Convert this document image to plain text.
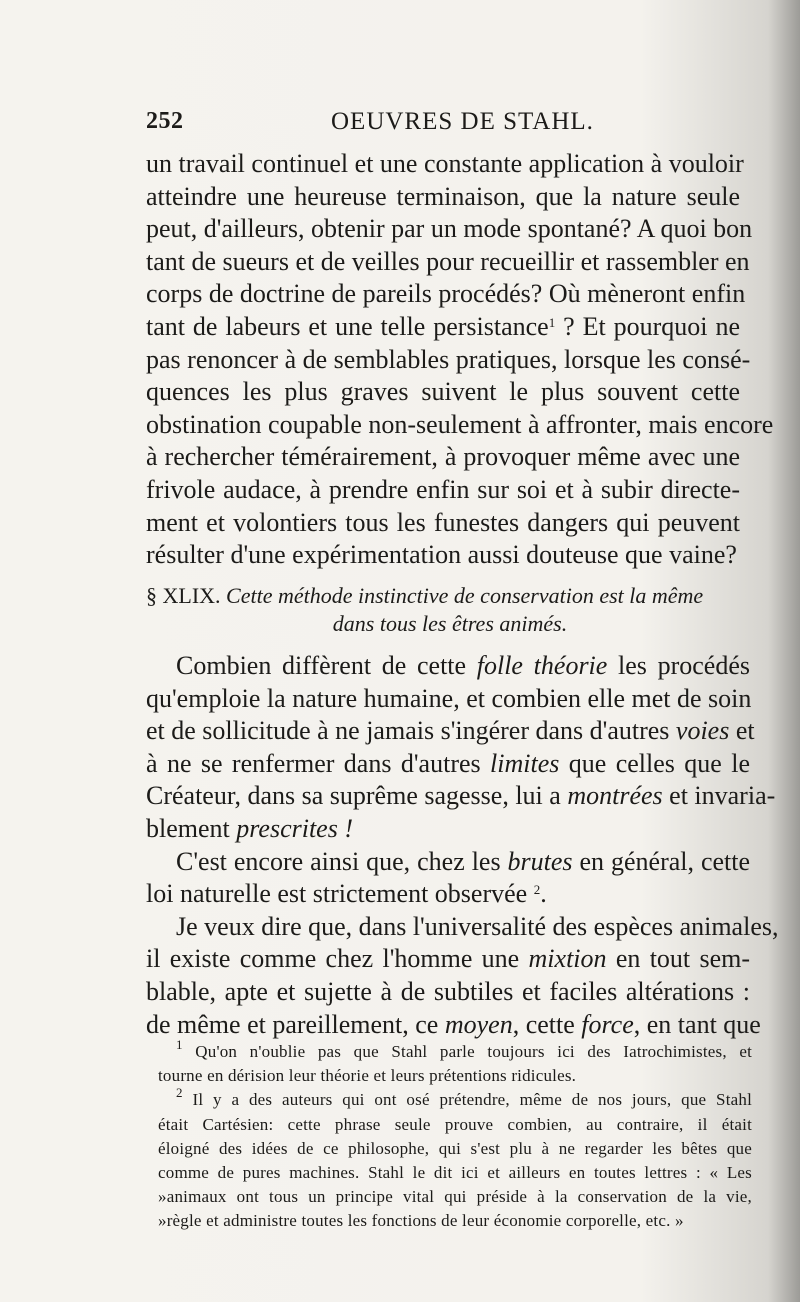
252	OEUVRES DE STAHL.
un travail continuel et une constante application à vouloir
atteindre une heureuse terminaison, que la nature seule
peut, d'ailleurs, obtenir par un mode spontané? A quoi bon
tant de sueurs et de veilles pour recueillir et rassembler en
corps de doctrine de pareils procédés? Où mèneront enfin
tant de labeurs et une telle persistance$^1$ ? Et pourquoi ne
pas renoncer à de semblables pratiques, lorsque les consé-
quences les plus graves suivent le plus souvent cette
obstination coupable non-seulement à affronter, mais encore
à rechercher témérairement, à provoquer même avec une
frivole audace, à prendre enfin sur soi et à subir directe-
ment et volontiers tous les funestes dangers qui peuvent
résulter d'une expérimentation aussi douteuse que vaine?
§ XLIX. Cette méthode instinctive de conservation est la même
dans tous les êtres animés.
Combien diffèrent de cette folle théorie les procédés
qu'emploie la nature humaine, et combien elle met de soin
et de sollicitude à ne jamais s'ingérer dans d'autres voies et
à ne se renfermer dans d'autres limites que celles que le
Créateur, dans sa suprême sagesse, lui a montrées et invaria-
blement prescrites !
C'est encore ainsi que, chez les brutes en général, cette
loi naturelle est strictement observée $^2$.
Je veux dire que, dans l'universalité des espèces animales,
il existe comme chez l'homme une mixtion en tout sem-
blable, apte et sujette à de subtiles et faciles altérations :
de même et pareillement, ce moyen, cette force, en tant que
$^1$ Qu'on n'oublie pas que Stahl parle toujours ici des Iatrochimistes, et
tourne en dérision leur théorie et leurs prétentions ridicules.
$^2$ Il y a des auteurs qui ont osé prétendre, même de nos jours, que Stahl
était Cartésien: cette phrase seule prouve combien, au contraire, il était
éloigné des idées de ce philosophe, qui s'est plu à ne regarder les bêtes que
comme de pures machines. Stahl le dit ici et ailleurs en toutes lettres : « Les
»animaux ont tous un principe vital qui préside à la conservation de la vie,
»règle et administre toutes les fonctions de leur économie corporelle, etc. »
